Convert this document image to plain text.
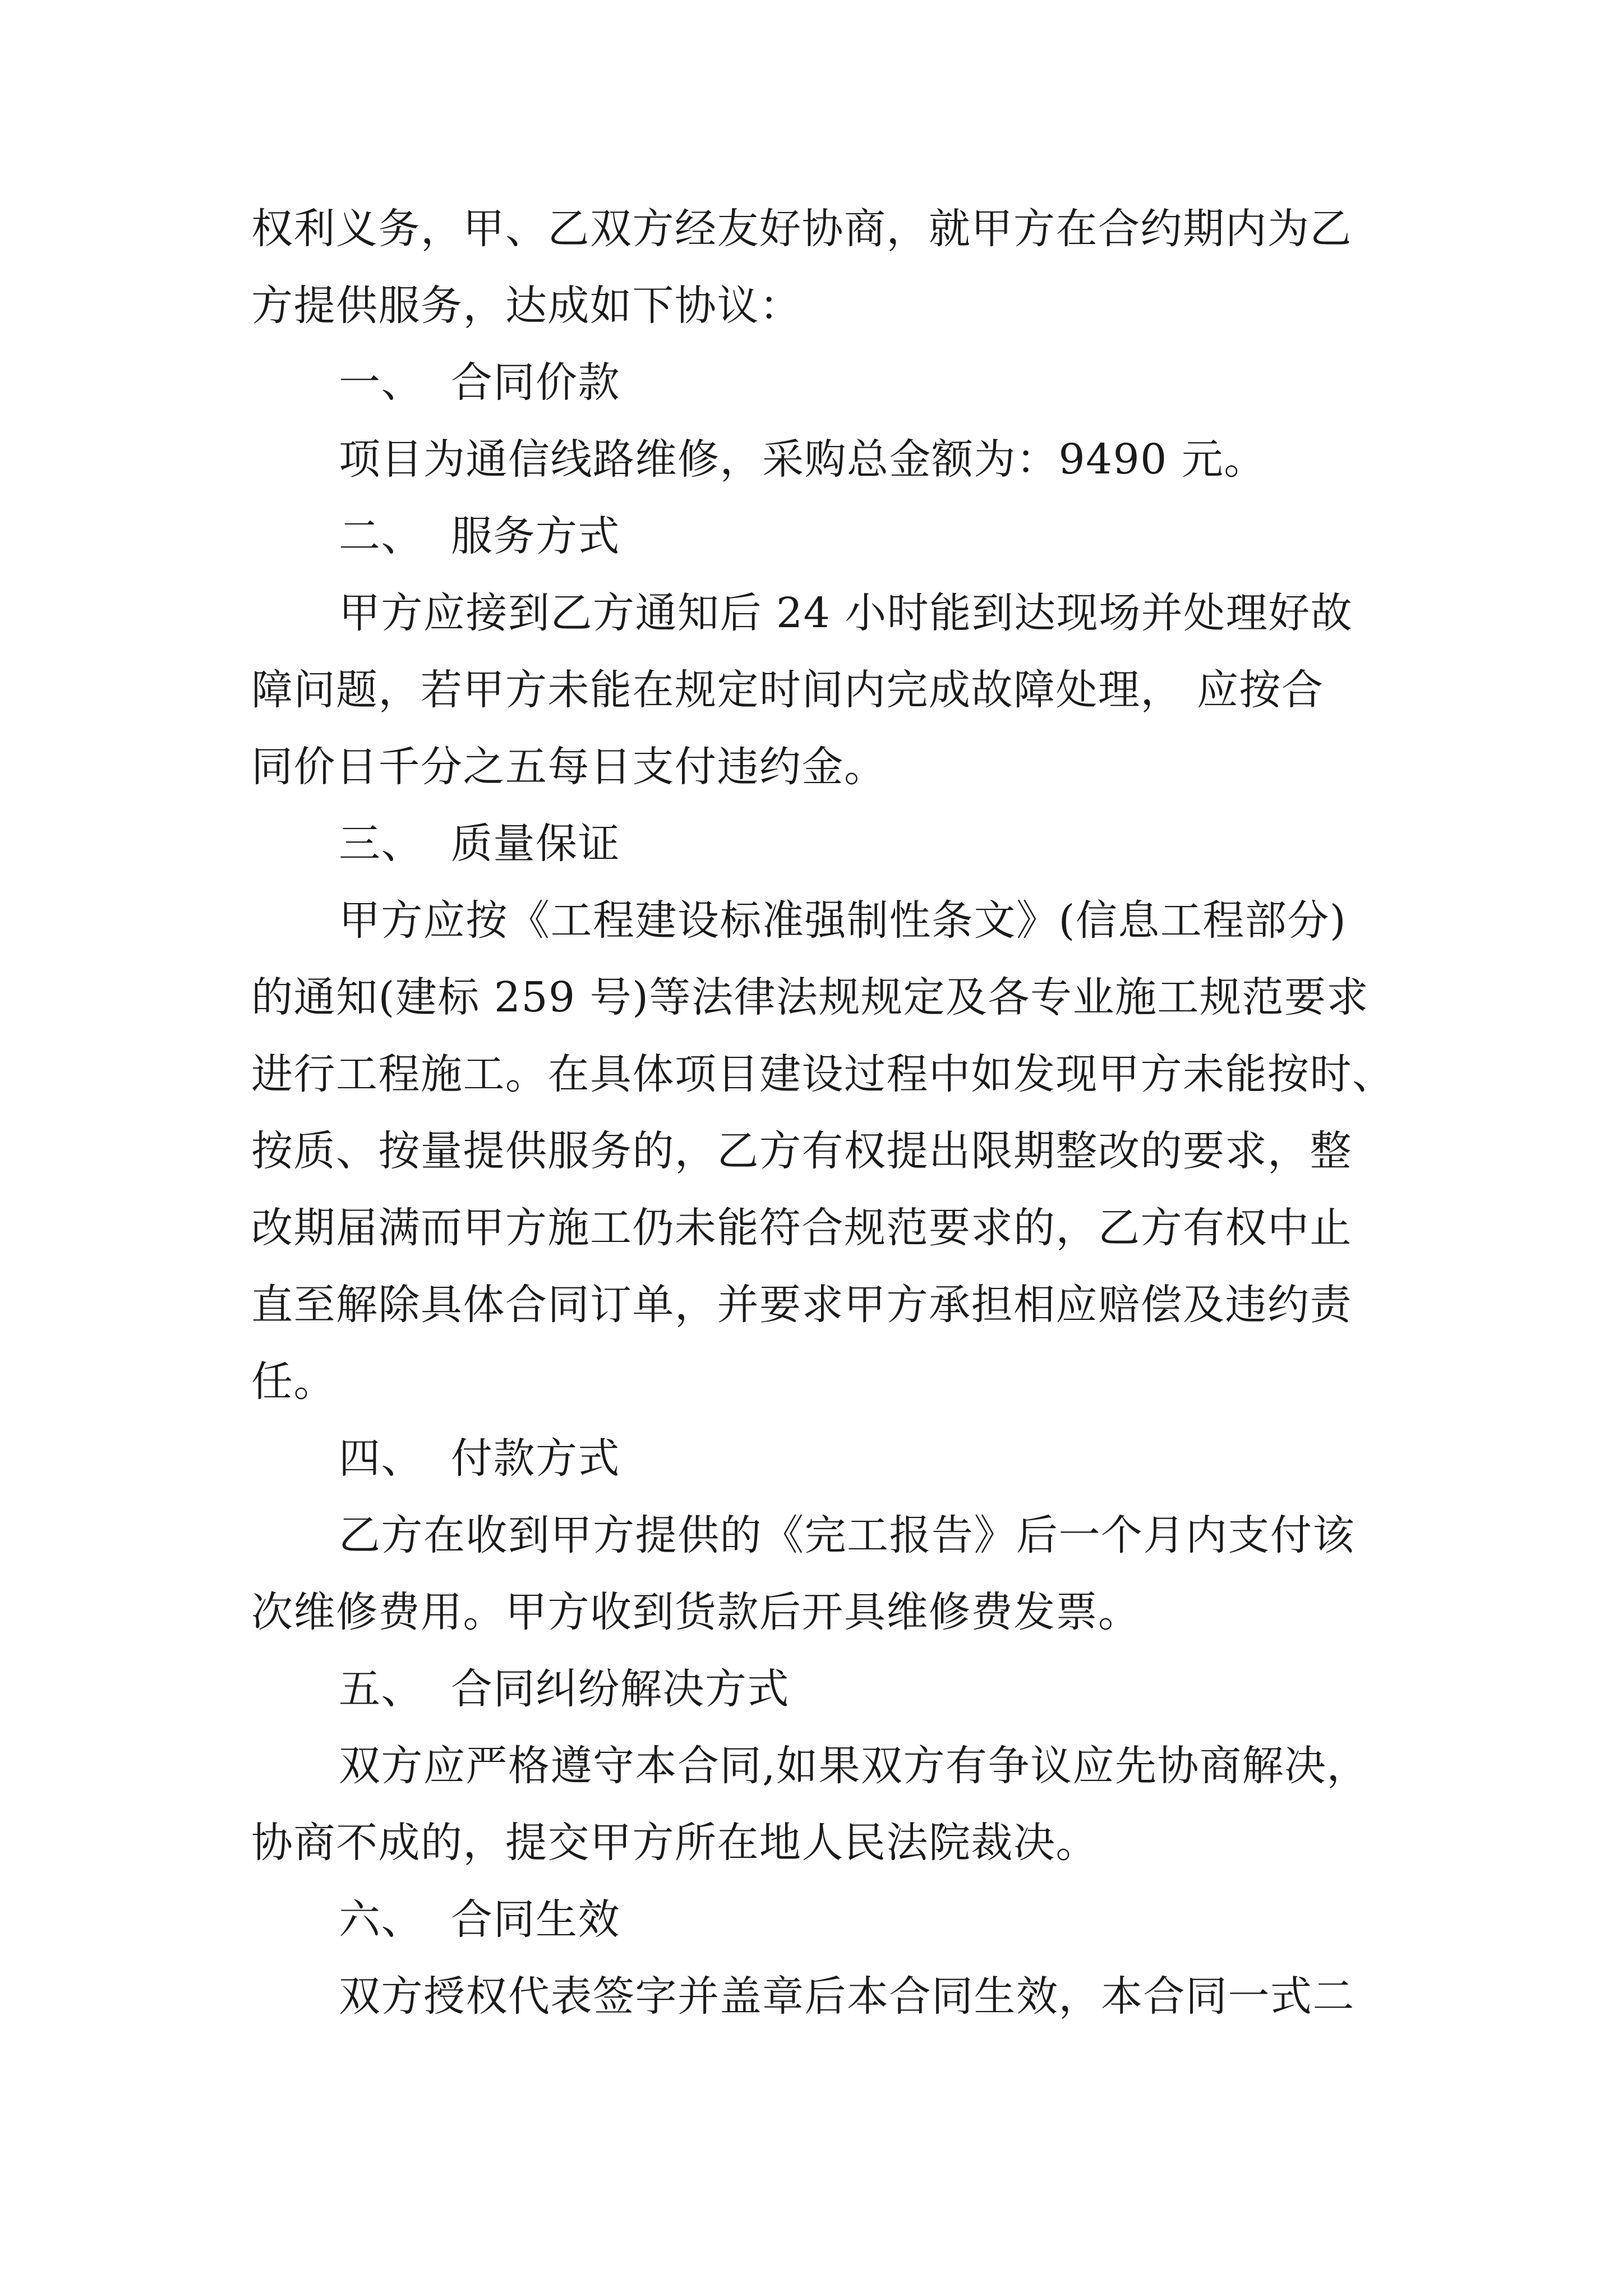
权利义务，甲、乙双方经友好协商，就甲方在合约期内为乙
方提供服务，达成如下协议：
一、 合同价款
项目为通信线路维修，采购总金额为：9490 元。
二、 服务方式
甲方应接到乙方通知后 24 小时能到达现场并处理好故
障问题，若甲方未能在规定时间内完成故障处理， 应按合
同价日千分之五每日支付违约金。
三、 质量保证
甲方应按《工程建设标准强制性条文》(信息工程部分)
的通知(建标 259 号)等法律法规规定及各专业施工规范要求
进行工程施工。在具体项目建设过程中如发现甲方未能按时、
按质、按量提供服务的，乙方有权提出限期整改的要求，整
改期届满而甲方施工仍未能符合规范要求的，乙方有权中止
直至解除具体合同订单，并要求甲方承担相应赔偿及违约责
任。
四、 付款方式
乙方在收到甲方提供的《完工报告》后一个月内支付该
次维修费用。甲方收到货款后开具维修费发票。
五、 合同纠纷解决方式
双方应严格遵守本合同,如果双方有争议应先协商解决，
协商不成的，提交甲方所在地人民法院裁决。
六、 合同生效
双方授权代表签字并盖章后本合同生效，本合同一式二
